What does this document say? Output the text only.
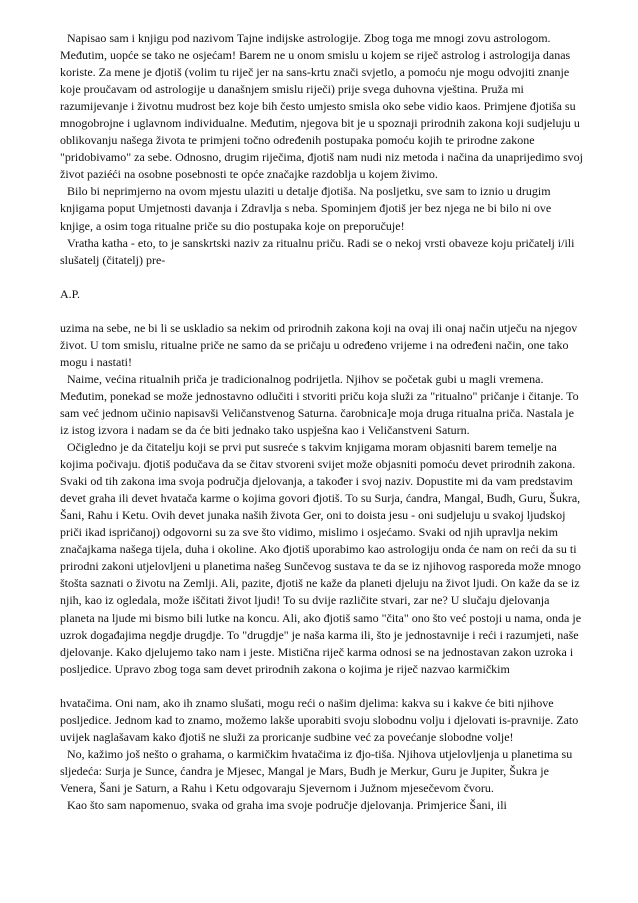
Napisao sam i knjigu pod nazivom Tajne indijske astrologije. Zbog toga me mnogi zovu astrologom. Međutim, uopće se tako ne osjećam! Barem ne u onom smislu u kojem se riječ astrolog i astrologija danas koriste. Za mene je đjotiš (volim tu riječ jer na sans-krtu znači svjetlo, a pomoću nje mogu odvojiti znanje koje proučavam od astrologije u današnjem smislu riječi) prije svega duhovna vještina. Pruža mi razumijevanje i životnu mudrost bez koje bih često umjesto smisla oko sebe vidio kaos. Primjene đjotiša su mnogobrojne i uglavnom individualne. Međutim, njegova bit je u spoznaji prirodnih zakona koji sudjeluju u oblikovanju našega života te primjeni točno određenih postupaka pomoću kojih te prirodne zakone "pridobivamo" za sebe. Odnosno, drugim riječima, đjotiš nam nudi niz metoda i načina da unaprijedimo svoj život paziéći na osobne posebnosti te opće značajke razdoblja u kojem živimo.

Bilo bi neprimjerno na ovom mjestu ulaziti u detalje đjotiša. Na posljetku, sve sam to iznio u drugim knjigama poput Umjetnosti davanja i Zdravlja s neba. Spominjem đjotiš jer bez njega ne bi bilo ni ove knjige, a osim toga ritualne priče su dio postupaka koje on preporučuje!

Vratha katha - eto, to je sanskrtski naziv za ritualnu priču. Radi se o nekoj vrsti obaveze koju pričatelj i/ili slušatelj (čitatelj) pre-

A.P.

uzima na sebe, ne bi li se uskladio sa nekim od prirodnih zakona koji na ovaj ili onaj način utječu na njegov život. U tom smislu, ritualne priče ne samo da se pričaju u određeno vrijeme i na određeni način, one tako mogu i nastati!

Naime, većina ritualnih priča je tradicionalnog podrijetla. Njihov se početak gubi u magli vremena. Međutim, ponekad se može jednostavno odlučiti i stvoriti priču koja služi za "ritualno" pričanje i čitanje. To sam već jednom učinio napisavši Veličanstvenog Saturna. čarobnica]e moja druga ritualna priča. Nastala je iz istog izvora i nadam se da će biti jednako tako uspješna kao i Veličanstveni Saturn.

Očigledno je da čitatelju koji se prvi put susreće s takvim knjigama moram objasniti barem temelje na kojima počivaju. đjotiš podučava da se čitav stvoreni svijet može objasniti pomoću devet prirodnih zakona. Svaki od tih zakona ima svoja područja djelovanja, a također i svoj naziv. Dopustite mi da vam predstavim devet graha ili devet hvatača karme o kojima govori đjotiš. To su Surja, ćandra, Mangal, Budh, Guru, Šukra, Šani, Rahu i Ketu. Ovih devet junaka naših života Ger, oni to doista jesu - oni sudjeluju u svakoj ljudskoj priči ikad ispričanoj) odgovorni su za sve što vidimo, mislimo i osjećamo. Svaki od njih upravlja nekim značajkama našega tijela, duha i okoline. Ako đjotiš uporabimo kao astrologiju onda će nam on reći da su ti prirodni zakoni utjelovljeni u planetima našeg Sunčevog sustava te da se iz njihovog rasporeda može mnogo štošta saznati o životu na Zemlji. Ali, pazite, đjotiš ne kaže da planeti djeluju na život ljudi. On kaže da se iz njih, kao iz ogledala, može iščitati život ljudi! To su dvije različite stvari, zar ne? U slučaju djelovanja planeta na ljude mi bismo bili lutke na koncu. Ali, ako đjotiš samo "čita" ono što već postoji u nama, onda je uzrok događajima negdje drugdje. To "drugdje" je naša karma ili, što je jednostavnije i reći i razumjeti, naše djelovanje. Kako djelujemo tako nam i jeste. Mistična riječ karma odnosi se na jednostavan zakon uzroka i posljedice. Upravo zbog toga sam devet prirodnih zakona o kojima je riječ nazvao karmičkim

hvatačima. Oni nam, ako ih znamo slušati, mogu reći o našim djelima: kakva su i kakve će biti njihove posljedice. Jednom kad to znamo, možemo lakše uporabiti svoju slobodnu volju i djelovati is-pravnije. Zato uvijek naglašavam kako đjotiš ne služi za proricanje sudbine već za povećanje slobodne volje!

No, kažimo još nešto o grahama, o karmičkim hvatačima iz đjo-tiša. Njihova utjelovljenja u planetima su sljedeća: Surja je Sunce, ćandra je Mjesec, Mangal je Mars, Budh je Merkur, Guru je Jupiter, Šukra je Venera, Šani je Saturn, a Rahu i Ketu odgovaraju Sjevernom i Južnom mjesečevom čvoru.

Kao što sam napomenuo, svaka od graha ima svoje područje djelovanja. Primjerice Šani, ili
